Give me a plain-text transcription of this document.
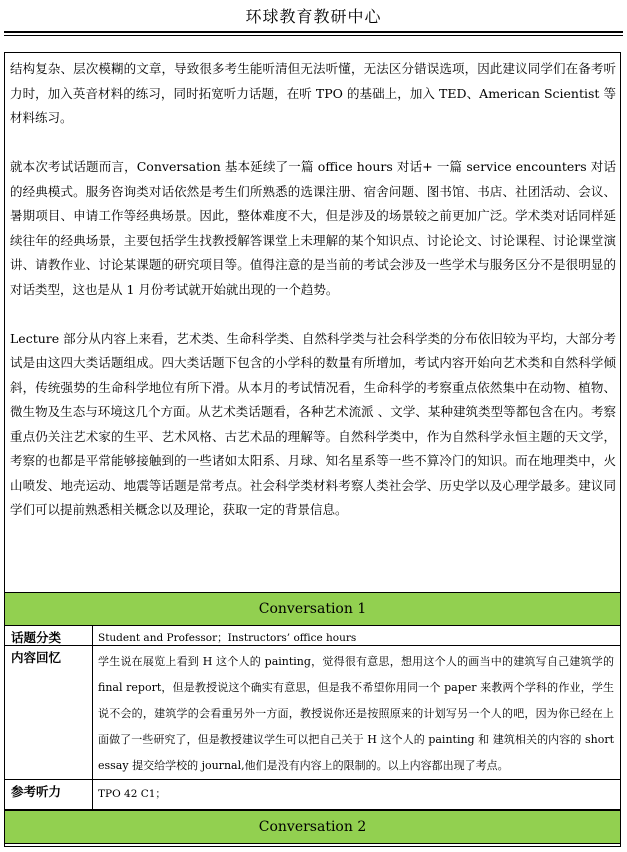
环球教育教研中心

结构复杂、层次模糊的文章，导致很多考生能听清但无法听懂，无法区分错误选项，因此建议同学们在备考听力时，加入英音材料的练习，同时拓宽听力话题，在听 TPO 的基础上，加入 TED、American Scientist 等材料练习。

就本次考试话题而言，Conversation 基本延续了一篇 office hours 对话+ 一篇 service encounters 对话的经典模式。服务咨询类对话依然是考生们所熟悉的选课注册、宿舍问题、图书馆、书店、社团活动、会议、暑期项目、申请工作等经典场景。因此，整体难度不大，但是涉及的场景较之前更加广泛。学术类对话同样延续往年的经典场景，主要包括学生找教授解答课堂上未理解的某个知识点、讨论论文、讨论课程、讨论课堂演讲、请教作业、讨论某课题的研究项目等。值得注意的是当前的考试会涉及一些学术与服务区分不是很明显的对话类型，这也是从 1 月份考试就开始就出现的一个趋势。

Lecture 部分从内容上来看，艺术类、生命科学类、自然科学类与社会科学类的分布依旧较为平均，大部分考试是由这四大类话题组成。四大类话题下包含的小学科的数量有所增加，考试内容开始向艺术类和自然科学倾斜，传统强势的生命科学地位有所下滑。从本月的考试情况看，生命科学的考察重点依然集中在动物、植物、微生物及生态与环境这几个方面。从艺术类话题看，各种艺术流派 、文学、某种建筑类型等都包含在内。考察重点仍关注艺术家的生平、艺术风格、古艺术品的理解等。自然科学类中，作为自然科学永恒主题的天文学，考察的也都是平常能够接触到的一些诸如太阳系、月球、知名星系等一些不算冷门的知识。而在地理类中，火山喷发、地壳运动、地震等话题是常考点。社会科学类材料考察人类社会学、历史学以及心理学最多。建议同学们可以提前熟悉相关概念以及理论，获取一定的背景信息。

Conversation 1
话题分类	Student and Professor；Instructors’ office hours
内容回忆	学生说在展览上看到 H 这个人的 painting，觉得很有意思，想用这个人的画当中的建筑写自己建筑学的 final report，但是教授说这个确实有意思，但是我不希望你用同一个 paper 来教两个学科的作业，学生说不会的，建筑学的会看重另外一方面，教授说你还是按照原来的计划写另一个人的吧，因为你已经在上面做了一些研究了，但是教授建议学生可以把自己关于 H 这个人的 painting 和 建筑相关的内容的 short essay 提交给学校的 journal,他们是没有内容上的限制的。以上内容都出现了考点。
参考听力	TPO 42 C1；
Conversation 2
